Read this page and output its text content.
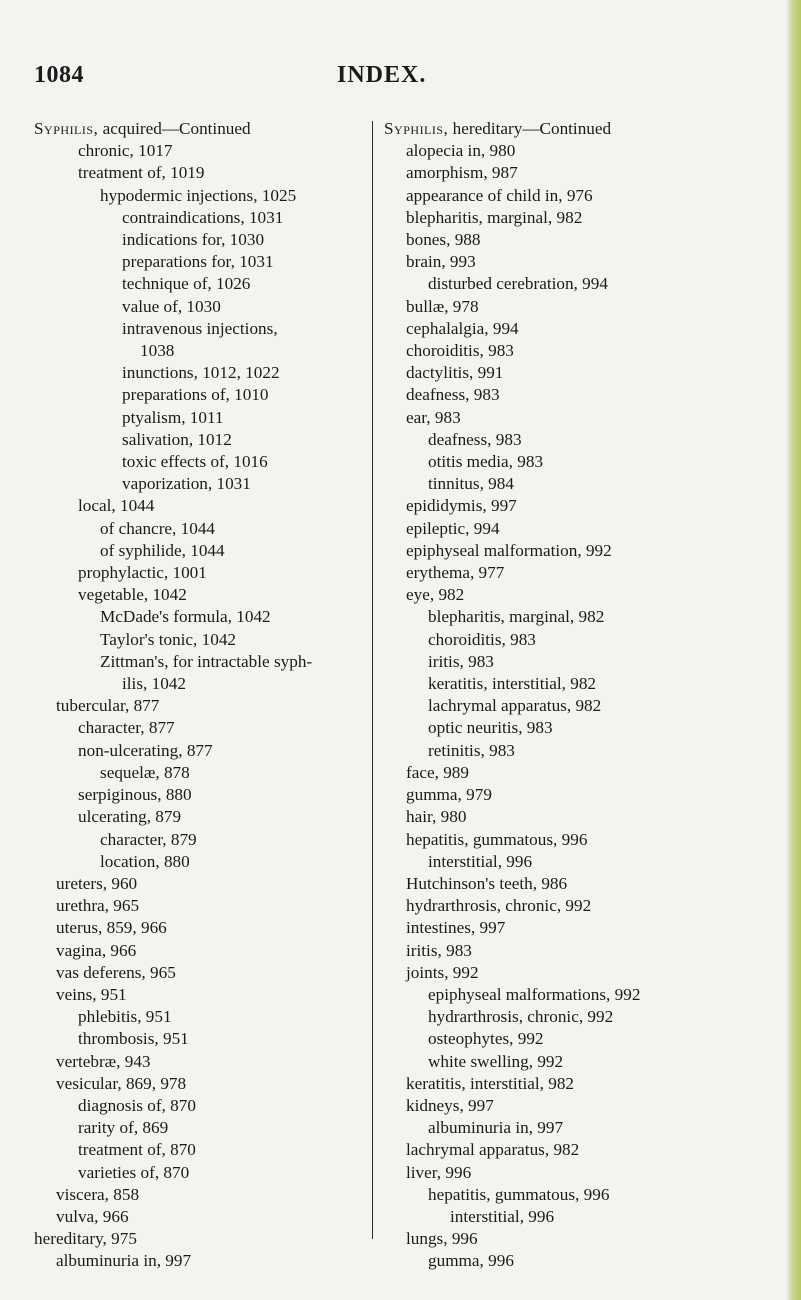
1084	INDEX.
Syphilis, acquired—Continued
chronic, 1017
treatment of, 1019
hypodermic injections, 1025
contraindications, 1031
indications for, 1030
preparations for, 1031
technique of, 1026
value of, 1030
intravenous injections,
1038
inunctions, 1012, 1022
preparations of, 1010
ptyalism, 1011
salivation, 1012
toxic effects of, 1016
vaporization, 1031
local, 1044
of chancre, 1044
of syphilide, 1044
prophylactic, 1001
vegetable, 1042
McDade's formula, 1042
Taylor's tonic, 1042
Zittman's, for intractable syph-
ilis, 1042
tubercular, 877
character, 877
non-ulcerating, 877
sequelæ, 878
serpiginous, 880
ulcerating, 879
character, 879
location, 880
ureters, 960
urethra, 965
uterus, 859, 966
vagina, 966
vas deferens, 965
veins, 951
phlebitis, 951
thrombosis, 951
vertebræ, 943
vesicular, 869, 978
diagnosis of, 870
rarity of, 869
treatment of, 870
varieties of, 870
viscera, 858
vulva, 966
hereditary, 975
albuminuria in, 997
Syphilis, hereditary—Continued
alopecia in, 980
amorphism, 987
appearance of child in, 976
blepharitis, marginal, 982
bones, 988
brain, 993
disturbed cerebration, 994
bullæ, 978
cephalalgia, 994
choroiditis, 983
dactylitis, 991
deafness, 983
ear, 983
deafness, 983
otitis media, 983
tinnitus, 984
epididymis, 997
epileptic, 994
epiphyseal malformation, 992
erythema, 977
eye, 982
blepharitis, marginal, 982
choroiditis, 983
iritis, 983
keratitis, interstitial, 982
lachrymal apparatus, 982
optic neuritis, 983
retinitis, 983
face, 989
gumma, 979
hair, 980
hepatitis, gummatous, 996
interstitial, 996
Hutchinson's teeth, 986
hydrarthrosis, chronic, 992
intestines, 997
iritis, 983
joints, 992
epiphyseal malformations, 992
hydrarthrosis, chronic, 992
osteophytes, 992
white swelling, 992
keratitis, interstitial, 982
kidneys, 997
albuminuria in, 997
lachrymal apparatus, 982
liver, 996
hepatitis, gummatous, 996
interstitial, 996
lungs, 996
gumma, 996
